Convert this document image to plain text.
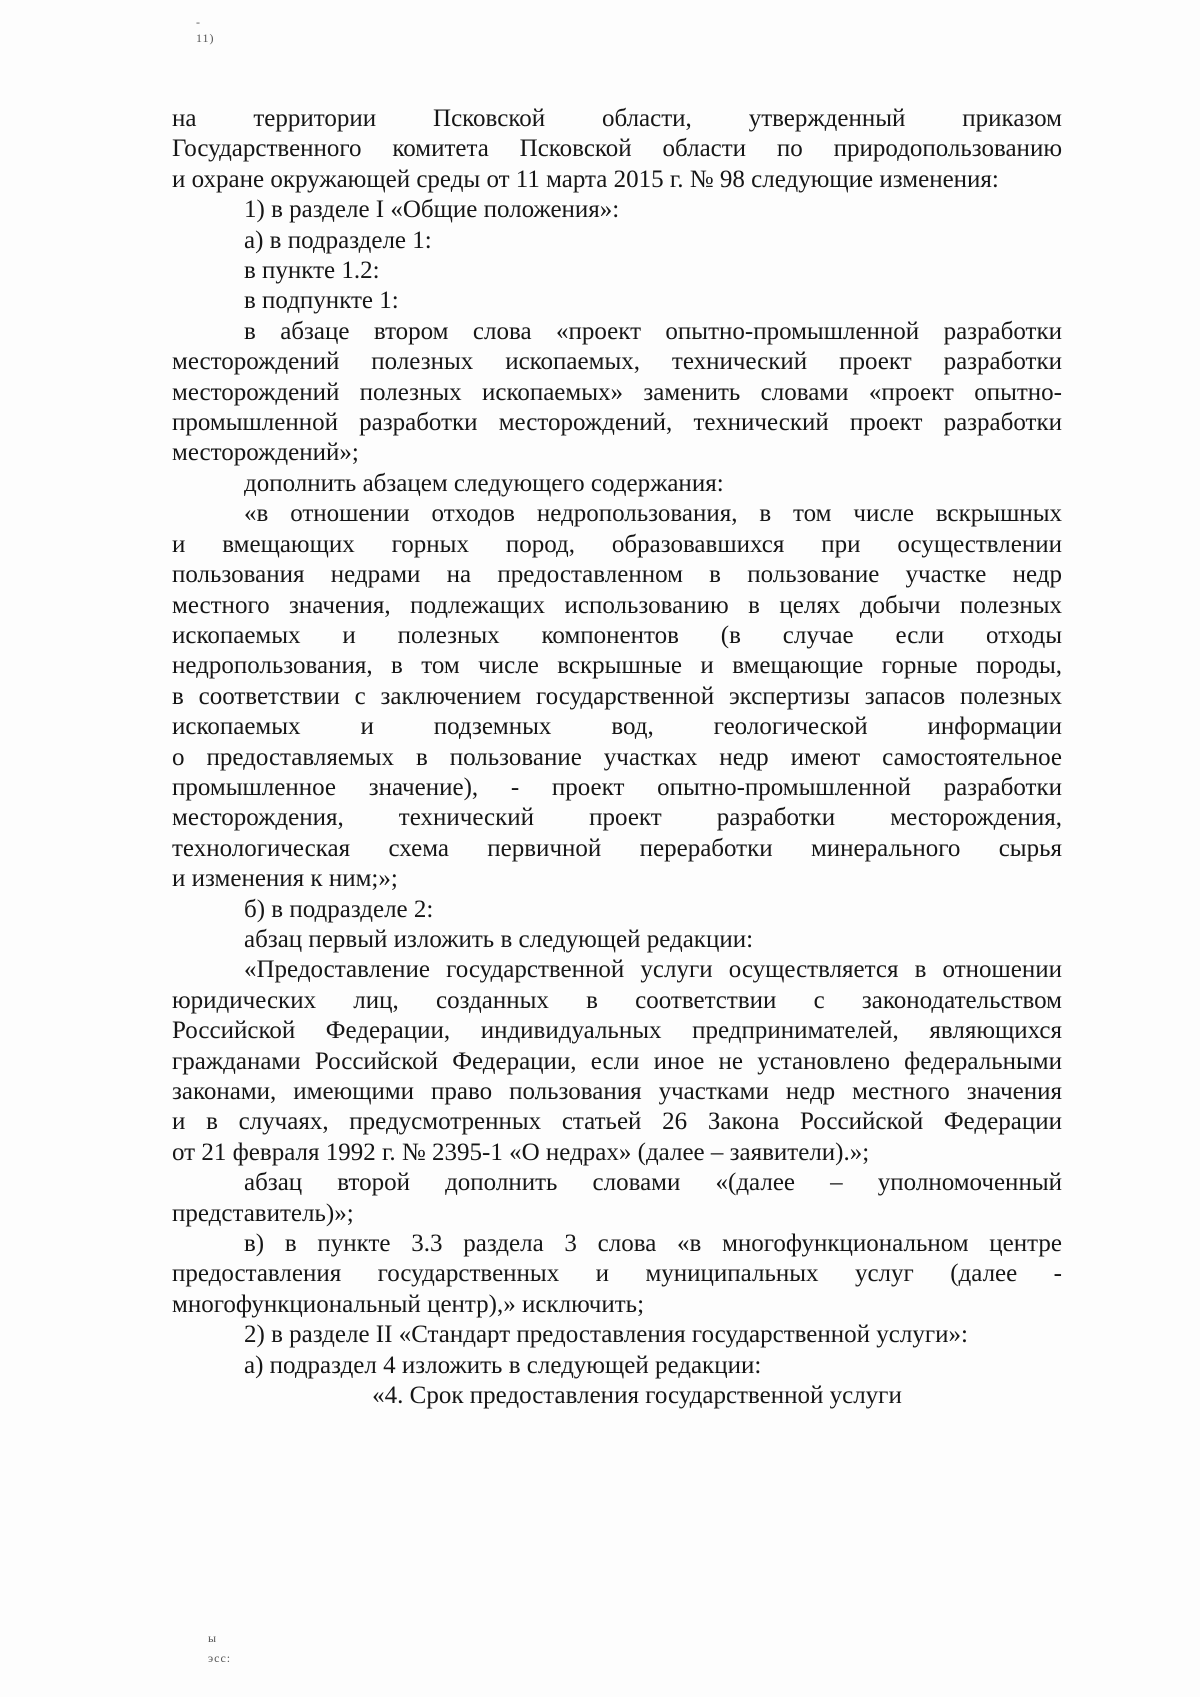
-
11)

на территории Псковской области, утвержденный приказом

Государственного комитета Псковской области по природопользованию

и охране окружающей среды от 11 марта 2015 г. № 98 следующие изменения:

1) в разделе I «Общие положения»:

а) в подразделе 1:

в пункте 1.2:

в подпункте 1:

в абзаце втором слова «проект опытно-промышленной разработки

месторождений полезных ископаемых, технический проект разработки

месторождений полезных ископаемых» заменить словами «проект опытно-

промышленной разработки месторождений, технический проект разработки

месторождений»;

дополнить абзацем следующего содержания:

«в отношении отходов недропользования, в том числе вскрышных

и вмещающих горных пород, образовавшихся при осуществлении

пользования недрами на предоставленном в пользование участке недр

местного значения, подлежащих использованию в целях добычи полезных

ископаемых и полезных компонентов (в случае если отходы

недропользования, в том числе вскрышные и вмещающие горные породы,

в соответствии с заключением государственной экспертизы запасов полезных

ископаемых и подземных вод, геологической информации

о предоставляемых в пользование участках недр имеют самостоятельное

промышленное значение), - проект опытно-промышленной разработки

месторождения, технический проект разработки месторождения,

технологическая схема первичной переработки минерального сырья

и изменения к ним;»;

б) в подразделе 2:

абзац первый изложить в следующей редакции:

«Предоставление государственной услуги осуществляется в отношении

юридических лиц, созданных в соответствии с законодательством

Российской Федерации, индивидуальных предпринимателей, являющихся

гражданами Российской Федерации, если иное не установлено федеральными

законами, имеющими право пользования участками недр местного значения

и в случаях, предусмотренных статьей 26 Закона Российской Федерации

от 21 февраля 1992 г. № 2395-1 «О недрах» (далее – заявители).»;

абзац второй дополнить словами «(далее – уполномоченный

представитель)»;

в) в пункте 3.3 раздела 3 слова «в многофункциональном центре

предоставления государственных и муниципальных услуг (далее -

многофункциональный центр),» исключить;

2) в разделе II «Стандарт предоставления государственной услуги»:

а) подраздел 4 изложить в следующей редакции:

«4. Срок предоставления государственной услуги

ы
эсс:
